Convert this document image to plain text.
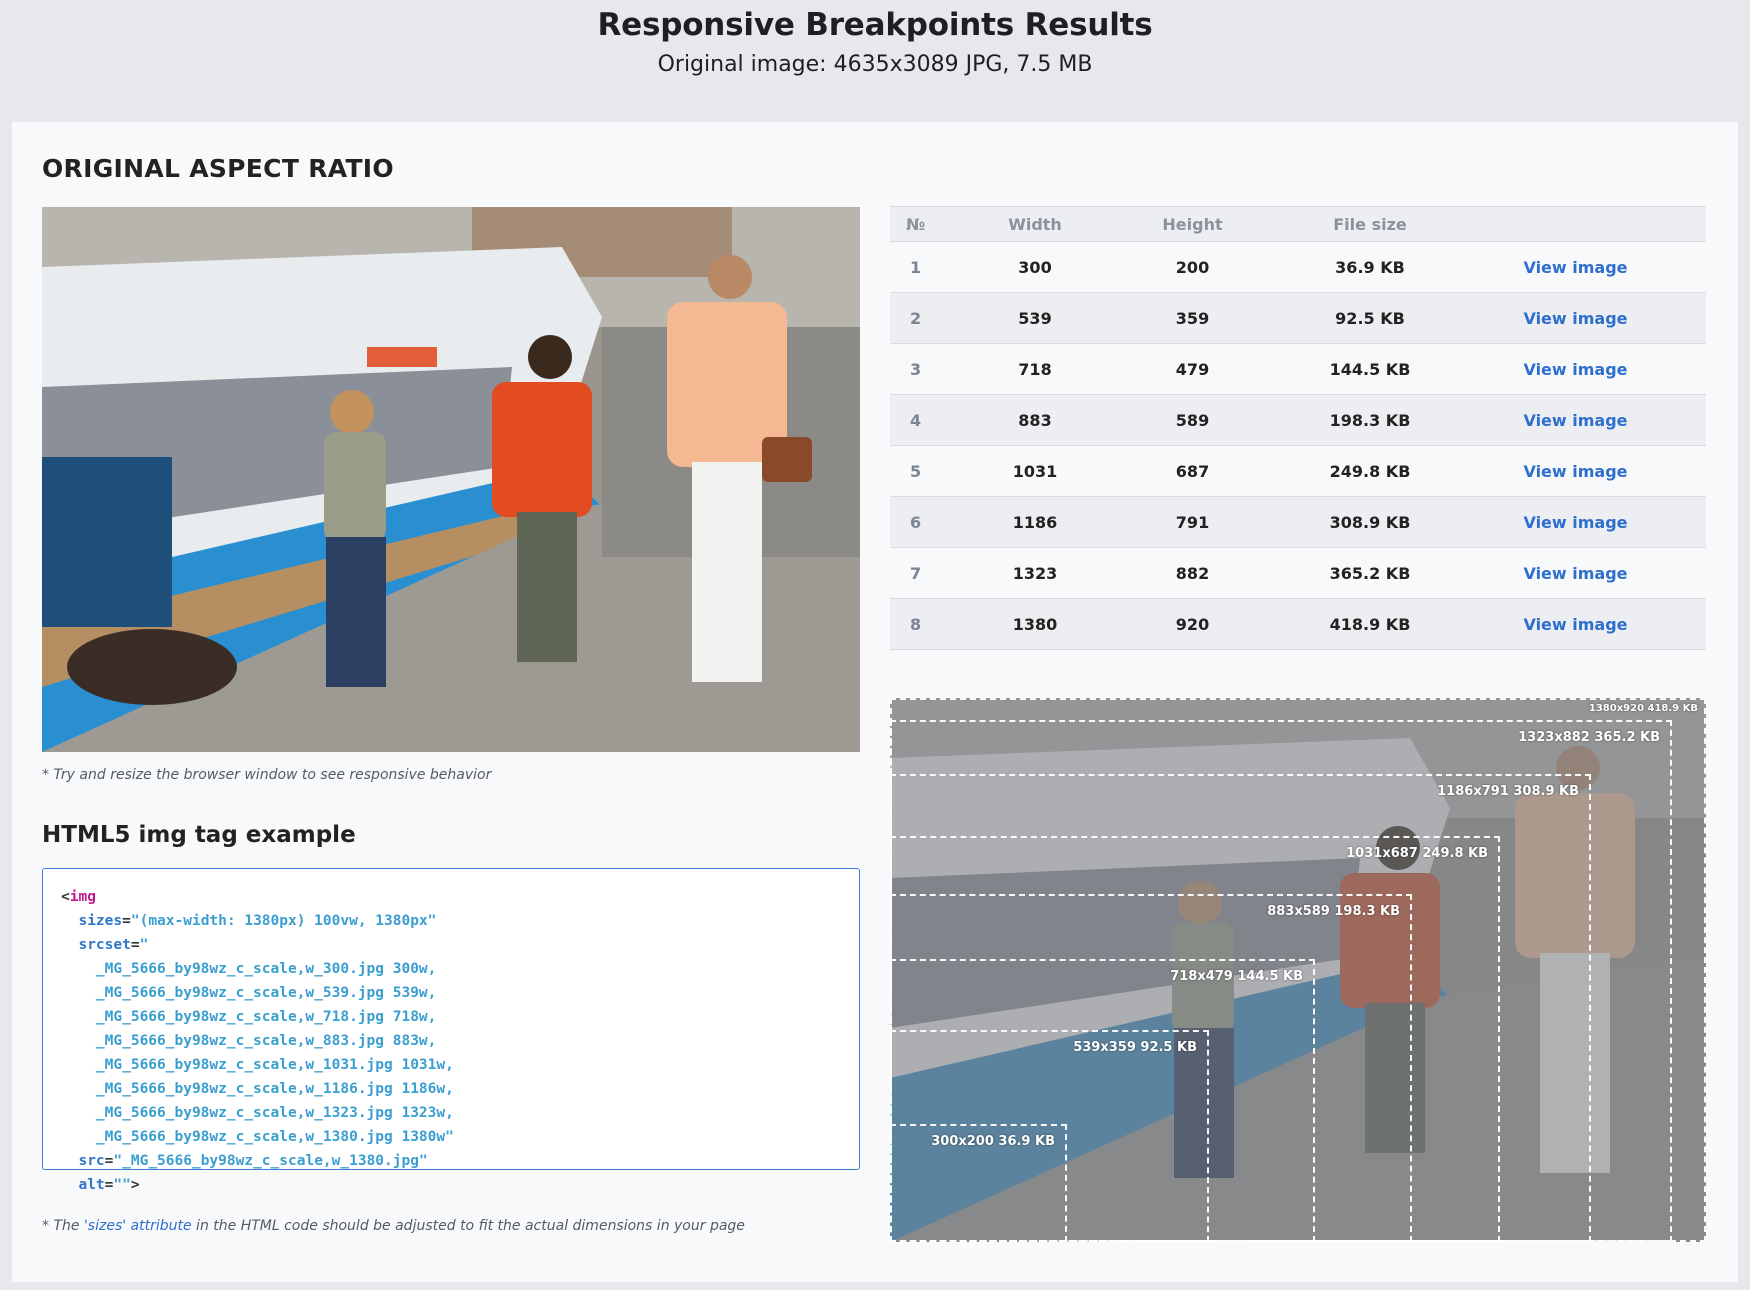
Responsive Breakpoints Results
Original image: 4635x3089 JPG, 7.5 MB
ORIGINAL ASPECT RATIO
* Try and resize the browser window to see responsive behavior
HTML5 img tag example
<img
sizes="(max-width: 1380px) 100vw, 1380px"
srcset="
_MG_5666_by98wz_c_scale,w_300.jpg 300w,
_MG_5666_by98wz_c_scale,w_539.jpg 539w,
_MG_5666_by98wz_c_scale,w_718.jpg 718w,
_MG_5666_by98wz_c_scale,w_883.jpg 883w,
_MG_5666_by98wz_c_scale,w_1031.jpg 1031w,
_MG_5666_by98wz_c_scale,w_1186.jpg 1186w,
_MG_5666_by98wz_c_scale,w_1323.jpg 1323w,
_MG_5666_by98wz_c_scale,w_1380.jpg 1380w"
src="_MG_5666_by98wz_c_scale,w_1380.jpg"
alt="">
* The 'sizes' attribute in the HTML code should be adjusted to fit the actual dimensions in your page
№	Width	Height	File size	
1	300	200	36.9 KB	View image
2	539	359	92.5 KB	View image
3	718	479	144.5 KB	View image
4	883	589	198.3 KB	View image
5	1031	687	249.8 KB	View image
6	1186	791	308.9 KB	View image
7	1323	882	365.2 KB	View image
8	1380	920	418.9 KB	View image
300x200 36.9 KB
539x359 92.5 KB
718x479 144.5 KB
883x589 198.3 KB
1031x687 249.8 KB
1186x791 308.9 KB
1323x882 365.2 KB
1380x920 418.9 KB
